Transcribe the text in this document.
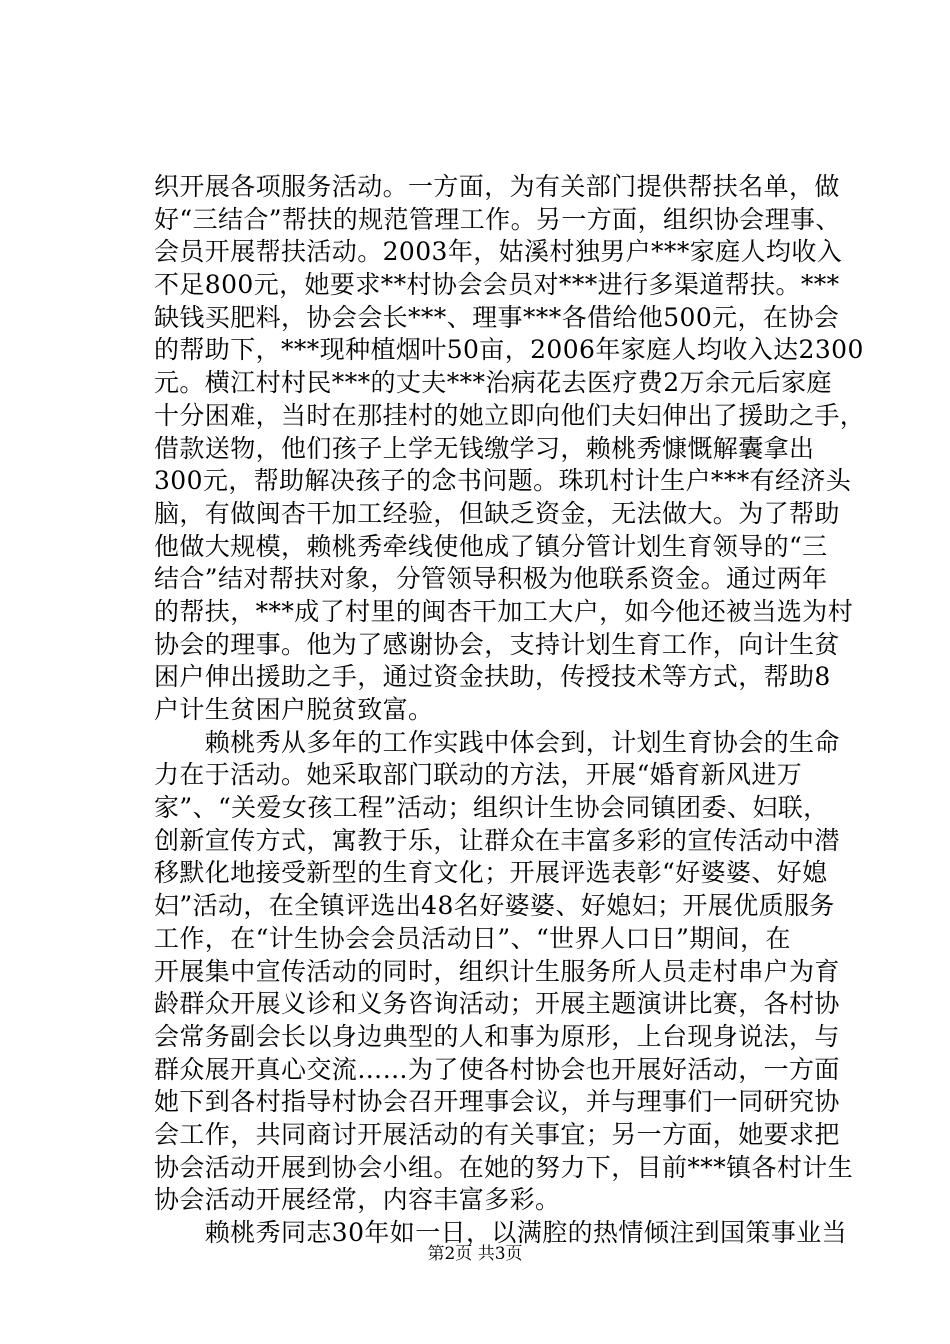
织开展各项服务活动。一方面，为有关部门提供帮扶名单，做
好“三结合”帮扶的规范管理工作。另一方面，组织协会理事、
会员开展帮扶活动。2003年，姑溪村独男户***家庭人均收入
不足800元，她要求**村协会会员对***进行多渠道帮扶。***
缺钱买肥料，协会会长***、理事***各借给他500元，在协会
的帮助下，***现种植烟叶50亩，2006年家庭人均收入达2300
元。横江村村民***的丈夫***治病花去医疗费2万余元后家庭
十分困难，当时在那挂村的她立即向他们夫妇伸出了援助之手，
借款送物，他们孩子上学无钱缴学习，赖桃秀慷慨解囊拿出
300元，帮助解决孩子的念书问题。珠玑村计生户***有经济头
脑，有做闽杏干加工经验，但缺乏资金，无法做大。为了帮助
他做大规模，赖桃秀牵线使他成了镇分管计划生育领导的“三
结合”结对帮扶对象，分管领导积极为他联系资金。通过两年
的帮扶，***成了村里的闽杏干加工大户，如今他还被当选为村
协会的理事。他为了感谢协会，支持计划生育工作，向计生贫
困户伸出援助之手，通过资金扶助，传授技术等方式，帮助8
户计生贫困户脱贫致富。
　　赖桃秀从多年的工作实践中体会到，计划生育协会的生命
力在于活动。她采取部门联动的方法，开展“婚育新风进万
家”、“关爱女孩工程”活动；组织计生协会同镇团委、妇联，
创新宣传方式，寓教于乐，让群众在丰富多彩的宣传活动中潜
移默化地接受新型的生育文化；开展评选表彰“好婆婆、好媳
妇”活动，在全镇评选出48名好婆婆、好媳妇；开展优质服务
工作，在“计生协会会员活动日”、“世界人口日”期间，在
开展集中宣传活动的同时，组织计生服务所人员走村串户为育
龄群众开展义诊和义务咨询活动；开展主题演讲比赛，各村协
会常务副会长以身边典型的人和事为原形，上台现身说法，与
群众展开真心交流……为了使各村协会也开展好活动，一方面
她下到各村指导村协会召开理事会议，并与理事们一同研究协
会工作，共同商讨开展活动的有关事宜；另一方面，她要求把
协会活动开展到协会小组。在她的努力下，目前***镇各村计生
协会活动开展经常，内容丰富多彩。
　　赖桃秀同志30年如一日，以满腔的热情倾注到国策事业当
第2页 共3页
